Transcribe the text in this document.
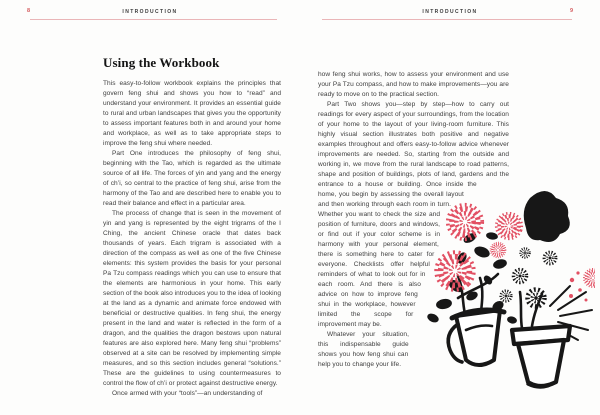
8	INTRODUCTION
Using the Workbook

This easy-to-follow workbook explains the principles that govern feng shui and shows you how to “read” and understand your environment. It provides an essential guide to rural and urban landscapes that gives you the opportunity to assess important features both in and around your home and workplace, as well as to take appropriate steps to improve the feng shui where needed.

Part One introduces the philosophy of feng shui, beginning with the Tao, which is regarded as the ultimate source of all life. The forces of yin and yang and the energy of ch’i, so central to the practice of feng shui, arise from the harmony of the Tao and are described here to enable you to read their balance and effect in a particular area.

The process of change that is seen in the movement of yin and yang is represented by the eight trigrams of the I Ching, the ancient Chinese oracle that dates back thousands of years. Each trigram is associated with a direction of the compass as well as one of the five Chinese elements: this system provides the basis for your personal Pa Tzu compass readings which you can use to ensure that the elements are harmonious in your home. This early section of the book also introduces you to the idea of looking at the land as a dynamic and animate force endowed with beneficial or destructive qualities. In feng shui, the energy present in the land and water is reflected in the form of a dragon, and the qualities the dragon bestows upon natural features are also explored here. Many feng shui “problems” observed at a site can be resolved by implementing simple measures, and so this section includes general “solutions.” These are the guidelines to using countermeasures to control the flow of ch’i or protect against destructive energy.

Once armed with your “tools”—an understanding of

9
INTRODUCTION

how feng shui works, how to assess your environment and use your Pa Tzu compass, and how to make improvements—you are ready to move on to the practical section.

Part Two shows you—step by step—how to carry out readings for every aspect of your surroundings, from the location of your home to the layout of your living-room furniture. This highly visual section illustrates both positive and negative examples throughout and offers easy-to-follow advice whenever improvements are needed. So, starting from the outside and working in, we move from the rural landscape to road patterns, shape and position of buildings, plots of land, gardens and the entrance to a house or building. Once inside the home, you begin by assessing the overall layout and then working through each room in turn. Whether you want to check the size and position of furniture, doors and windows, or find out if your color scheme is in harmony with your personal element, there is something here to cater for everyone. Checklists offer helpful reminders of what to look out for in each room. And there is also advice on how to improve feng shui in the workplace, however limited the scope for improvement may be.

Whatever your situation, this indispensable guide shows you how feng shui can help you to change your life.
